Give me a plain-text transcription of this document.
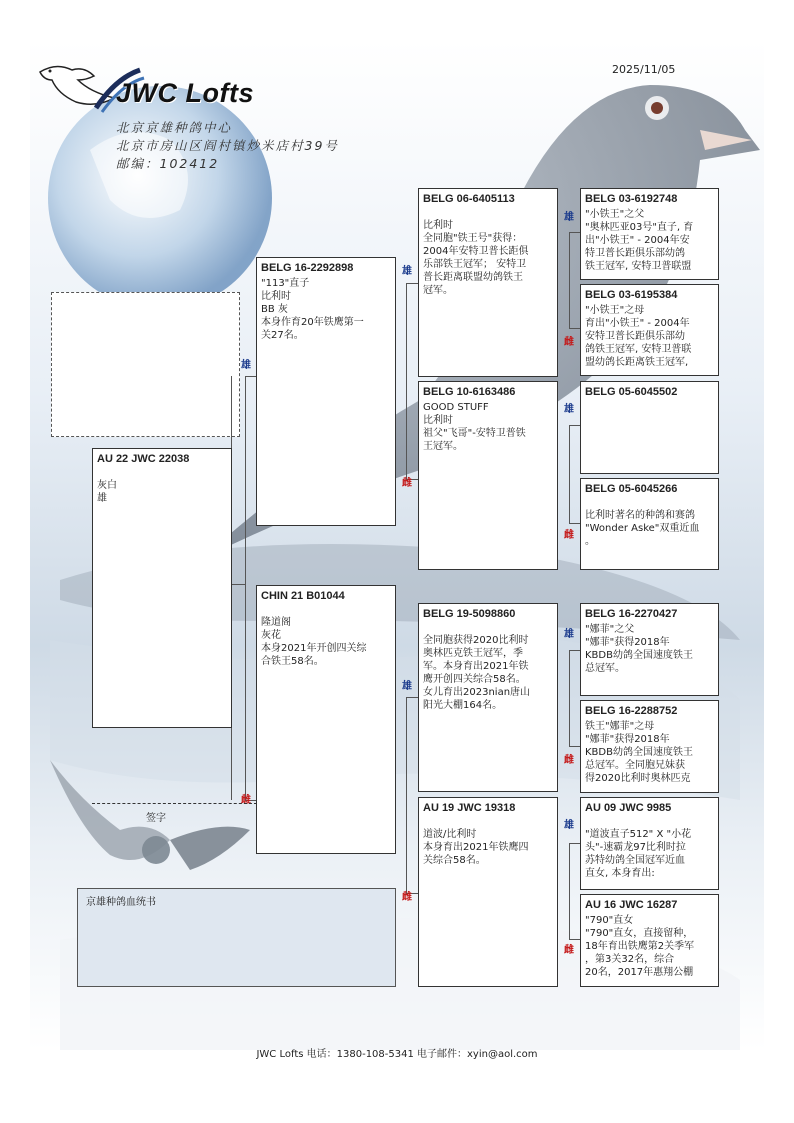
2025/11/05
JWC Lofts
北京京雄种鸽中心
北京市房山区阎村镇炒米店村39号
邮编：102412
雄
雌
雄
雌
雄
雌
雄
雌
雄
雌
雄
雌
雄
雌
AU 22 JWC 22038
灰白
雄
BELG 16-2292898
"113"直子
比利时
BB 灰
本身作育20年铁鹰第一
关27名。
CHIN 21 B01044
隆道阁
灰花
本身2021年开创四关综
合铁王58名。
BELG 06-6405113
比利时
全同胞"铁王号"获得：
2004年安特卫普长距俱
乐部铁王冠军； 安特卫
普长距离联盟幼鸽铁王
冠军。
BELG 10-6163486
GOOD STUFF
比利时
祖父"飞哥"-安特卫普铁
王冠军。
BELG 19-5098860
全同胞获得2020比利时
奥林匹克铁王冠军，季
军。本身育出2021年铁
鹰开创四关综合58名。
女儿育出2023nian唐山
阳光大棚164名。
AU 19 JWC 19318
道波/比利时
本身育出2021年铁鹰四
关综合58名。
BELG 03-6192748
"小铁王"之父
"奥林匹亚03号"直子, 育
出"小铁王" - 2004年安
特卫普长距俱乐部幼鸽
铁王冠军, 安特卫普联盟
BELG 03-6195384
"小铁王"之母
育出"小铁王" - 2004年
安特卫普长距俱乐部幼
鸽铁王冠军, 安特卫普联
盟幼鸽长距离铁王冠军,
BELG 05-6045502
BELG 05-6045266
比利时著名的种鸽和赛鸽
"Wonder Aske"双重近血
。
BELG 16-2270427
"娜菲"之父
"娜菲"获得2018年
KBDB幼鸽全国速度铁王
总冠军。
BELG 16-2288752
铁王"娜菲"之母
"娜菲"获得2018年
KBDB幼鸽全国速度铁王
总冠军。全同胞兄妹获
得2020比利时奥林匹克
AU 09 JWC 9985
"道波直子512" X "小花
头"-速霸龙97比利时拉
苏特幼鸽全国冠军近血
直女, 本身育出:
AU 16 JWC 16287
"790"直女
"790"直女，直接留种，
18年育出铁鹰第2关季军
，第3关32名，综合
20名，2017年惠翔公棚
签字
京雄种鸽血统书
JWC Lofts 电话：1380-108-5341 电子邮件：xyin@aol.com
